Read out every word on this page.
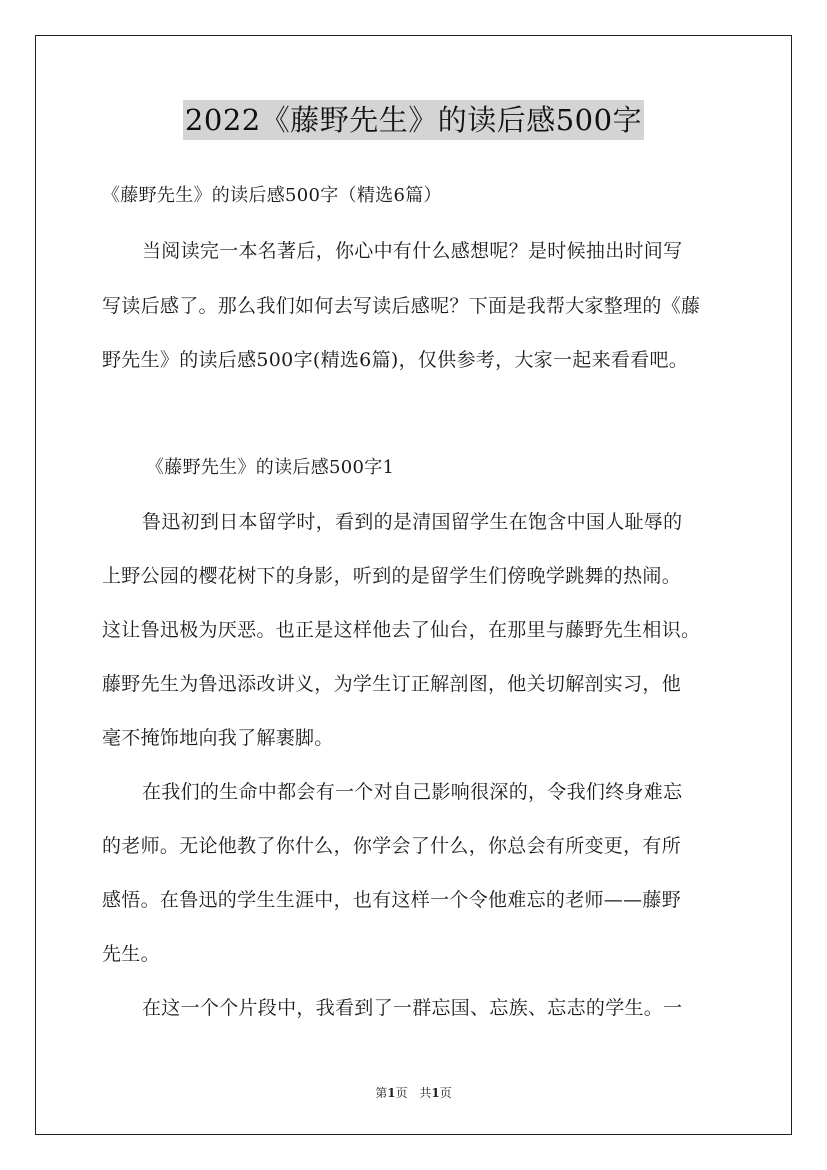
2022《藤野先生》的读后感500字
《藤野先生》的读后感500字（精选6篇）
当阅读完一本名著后，你心中有什么感想呢？是时候抽出时间写
写读后感了。那么我们如何去写读后感呢？下面是我帮大家整理的《藤
野先生》的读后感500字(精选6篇)，仅供参考，大家一起来看看吧。
《藤野先生》的读后感500字1
鲁迅初到日本留学时，看到的是清国留学生在饱含中国人耻辱的
上野公园的樱花树下的身影，听到的是留学生们傍晚学跳舞的热闹。
这让鲁迅极为厌恶。也正是这样他去了仙台，在那里与藤野先生相识。
藤野先生为鲁迅添改讲义，为学生订正解剖图，他关切解剖实习，他
毫不掩饰地向我了解裹脚。
在我们的生命中都会有一个对自己影响很深的，令我们终身难忘
的老师。无论他教了你什么，你学会了什么，你总会有所变更，有所
感悟。在鲁迅的学生生涯中，也有这样一个令他难忘的老师——藤野
先生。
在这一个个片段中，我看到了一群忘国、忘族、忘志的学生。一
第1页 共1页
